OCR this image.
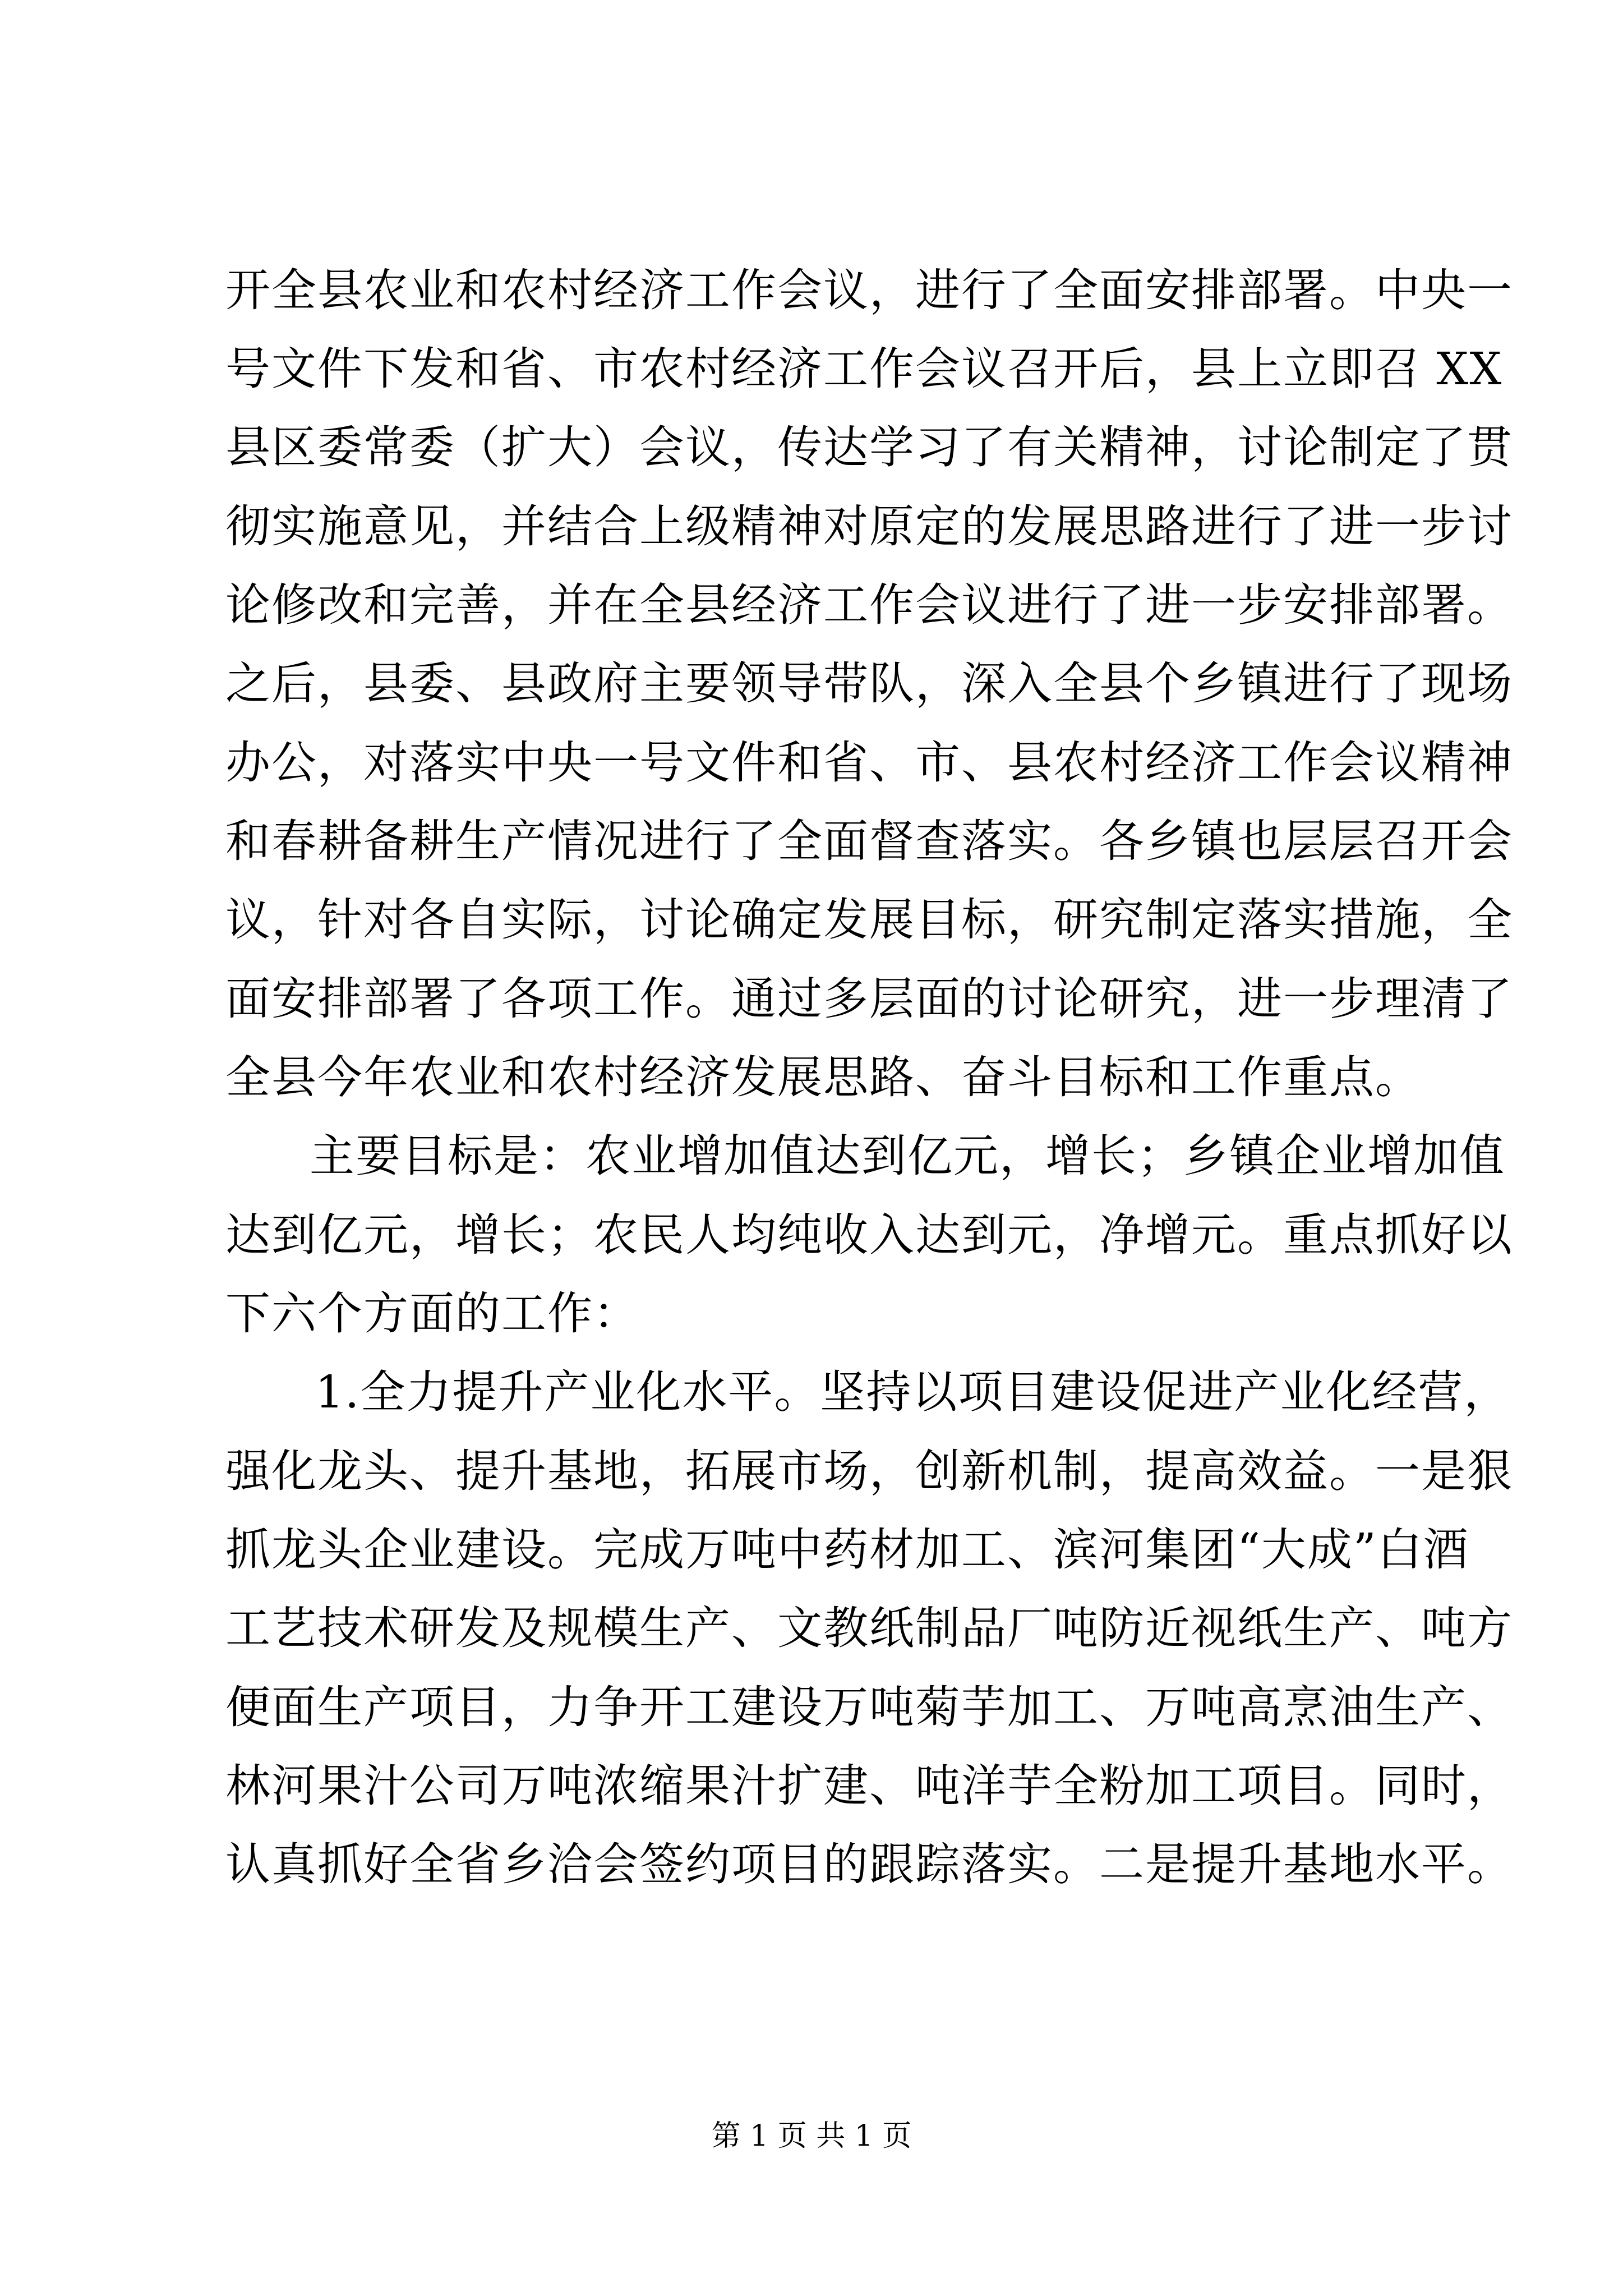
开全县农业和农村经济工作会议，进行了全面安排部署。中央一
号文件下发和省、市农村经济工作会议召开后，县上立即召 XX
县区委常委（扩大）会议，传达学习了有关精神，讨论制定了贯
彻实施意见，并结合上级精神对原定的发展思路进行了进一步讨
论修改和完善，并在全县经济工作会议进行了进一步安排部署。
之后，县委、县政府主要领导带队，深入全县个乡镇进行了现场
办公，对落实中央一号文件和省、市、县农村经济工作会议精神
和春耕备耕生产情况进行了全面督查落实。各乡镇也层层召开会
议，针对各自实际，讨论确定发展目标，研究制定落实措施，全
面安排部署了各项工作。通过多层面的讨论研究，进一步理清了
全县今年农业和农村经济发展思路、奋斗目标和工作重点。
主要目标是：农业增加值达到亿元，增长；乡镇企业增加值
达到亿元，增长；农民人均纯收入达到元，净增元。重点抓好以
下六个方面的工作：
1.全力提升产业化水平。坚持以项目建设促进产业化经营，
强化龙头、提升基地，拓展市场，创新机制，提高效益。一是狠
抓龙头企业建设。完成万吨中药材加工、滨河集团“大成”白酒
工艺技术研发及规模生产、文教纸制品厂吨防近视纸生产、吨方
便面生产项目，力争开工建设万吨菊芋加工、万吨高烹油生产、
林河果汁公司万吨浓缩果汁扩建、吨洋芋全粉加工项目。同时，
认真抓好全省乡洽会签约项目的跟踪落实。二是提升基地水平。
第 1 页 共 1 页
